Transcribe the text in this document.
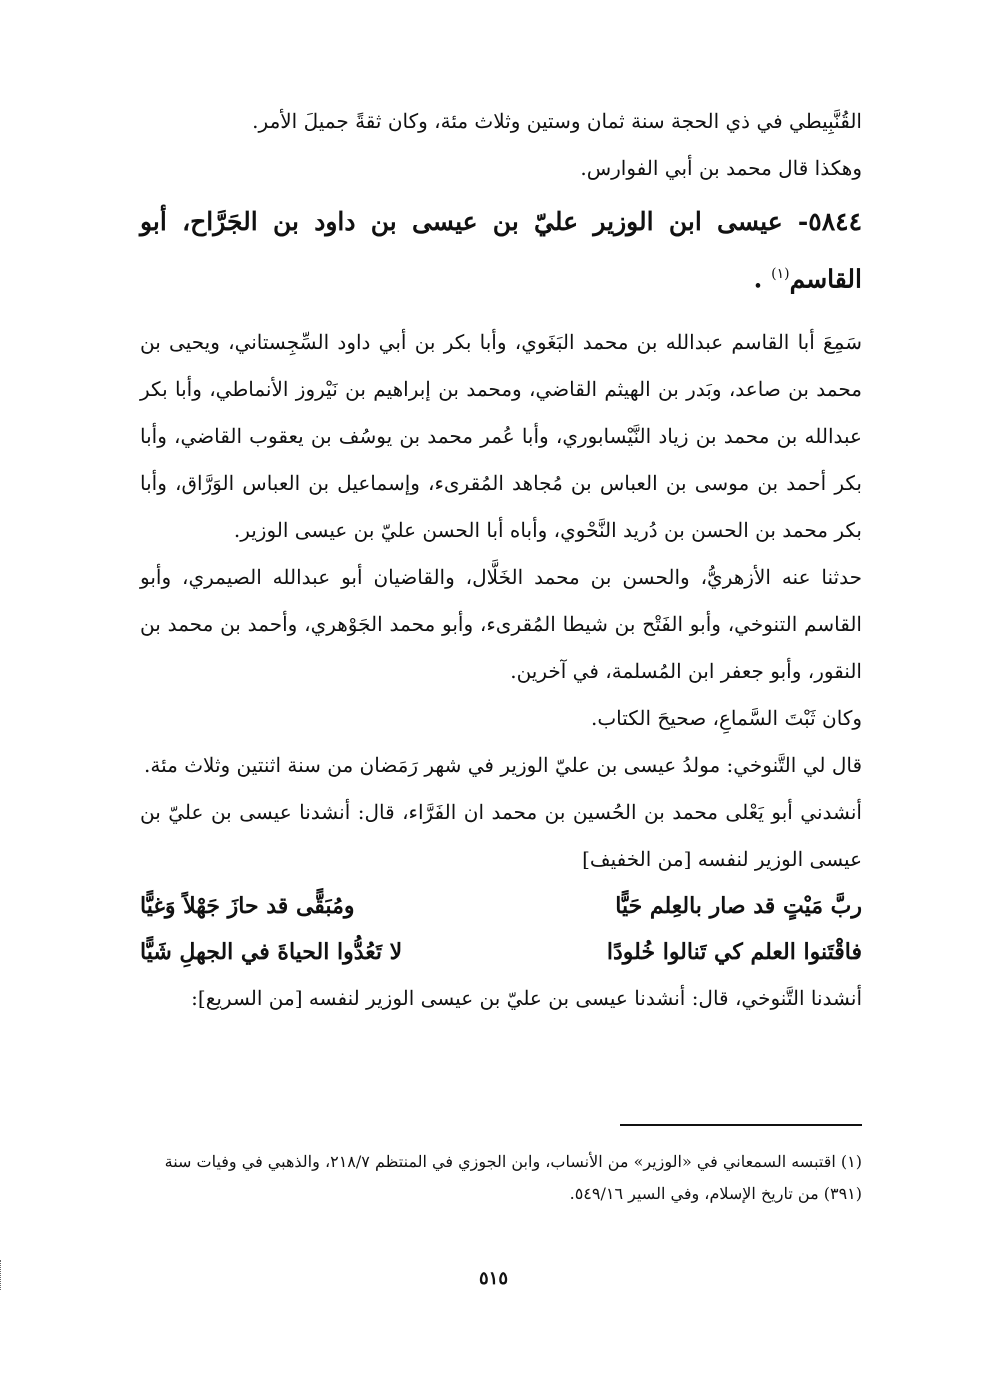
القُنَّبِيطي في ذي الحجة سنة ثمان وستين وثلاث مئة، وكان ثقةً جميلَ الأمر.

وهكذا قال محمد بن أبي الفوارس.

٥٨٤٤- عيسى ابن الوزير عليّ بن عيسى بن داود بن الجَرَّاح، أبو القاسم$^{(١)}$ .

سَمِعَ أبا القاسم عبدالله بن محمد البَغَوي، وأبا بكر بن أبي داود السِّجِستاني، ويحيى بن محمد بن صاعد، وبَدر بن الهيثم القاضي، ومحمد بن إبراهيم بن نَيْروز الأنماطي، وأبا بكر عبدالله بن محمد بن زياد النَّيْسابوري، وأبا عُمر محمد بن يوسُف بن يعقوب القاضي، وأبا بكر أحمد بن موسى بن العباس بن مُجاهد المُقرىء، وإسماعيل بن العباس الوَرَّاق، وأبا بكر محمد بن الحسن بن دُريد النَّحْوي، وأباه أبا الحسن عليّ بن عيسى الوزير.

حدثنا عنه الأزهريُّ، والحسن بن محمد الخَلَّال، والقاضيان أبو عبدالله الصيمري، وأبو القاسم التنوخي، وأبو الفَتْح بن شيطا المُقرىء، وأبو محمد الجَوْهري، وأحمد بن محمد بن النقور، وأبو جعفر ابن المُسلمة، في آخرين.

وكان ثَبْتَ السَّماعِ، صحيحَ الكتاب.

قال لي التَّنوخي: مولدُ عيسى بن عليّ الوزير في شهر رَمَضان من سنة اثنتين وثلاث مئة.

أنشدني أبو يَعْلى محمد بن الحُسين بن محمد ان الفَرَّاء، قال: أنشدنا عيسى بن عليّ بن عيسى الوزير لنفسه [من الخفيف]

ربَّ مَيْتٍ قد صار بالعِلم حَيًّا
ومُبَقًّى قد حازَ جَهْلاً وَغيًّا
فاقْتَنوا العلم كي تَنالوا خُلودًا
لا تَعُدُّوا الحياةَ في الجهلِ شَيًّا

أنشدنا التَّنوخي، قال: أنشدنا عيسى بن عليّ بن عيسى الوزير لنفسه [من السريع]:

(١) اقتبسه السمعاني في «الوزير» من الأنساب، وابن الجوزي في المنتظم ٢١٨/٧، والذهبي في وفيات سنة (٣٩١) من تاريخ الإسلام، وفي السير ٥٤٩/١٦.

٥١٥
